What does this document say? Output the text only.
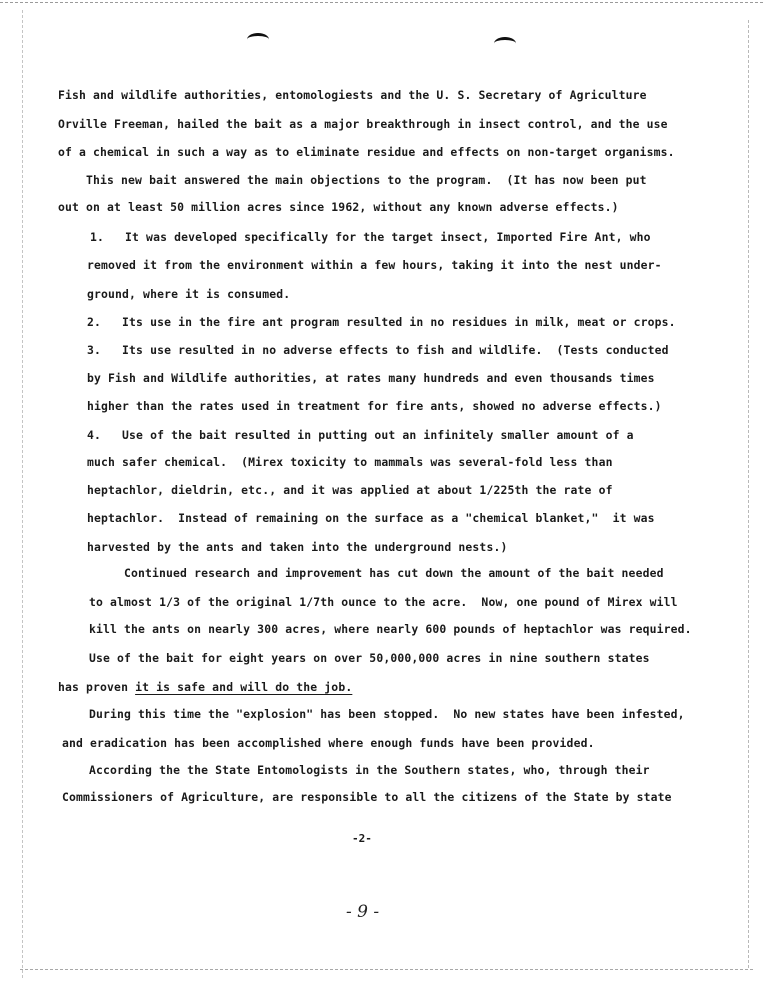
Fish and wildlife authorities, entomologiests and the U. S. Secretary of Agriculture
Orville Freeman, hailed the bait as a major breakthrough in insect control, and the use
of a chemical in such a way as to eliminate residue and effects on non-target organisms.
This new bait answered the main objections to the program.  (It has now been put
out on at least 50 million acres since 1962, without any known adverse effects.)
1.   It was developed specifically for the target insect, Imported Fire Ant, who
removed it from the environment within a few hours, taking it into the nest under-
ground, where it is consumed.
2.   Its use in the fire ant program resulted in no residues in milk, meat or crops.
3.   Its use resulted in no adverse effects to fish and wildlife.  (Tests conducted
by Fish and Wildlife authorities, at rates many hundreds and even thousands times
higher than the rates used in treatment for fire ants, showed no adverse effects.)
4.   Use of the bait resulted in putting out an infinitely smaller amount of a
much safer chemical.  (Mirex toxicity to mammals was several-fold less than
heptachlor, dieldrin, etc., and it was applied at about 1/225th the rate of
heptachlor.  Instead of remaining on the surface as a "chemical blanket,"  it was
harvested by the ants and taken into the underground nests.)
Continued research and improvement has cut down the amount of the bait needed
to almost 1/3 of the original 1/7th ounce to the acre.  Now, one pound of Mirex will
kill the ants on nearly 300 acres, where nearly 600 pounds of heptachlor was required.
Use of the bait for eight years on over 50,000,000 acres in nine southern states
has proven it is safe and will do the job.
During this time the "explosion" has been stopped.  No new states have been infested,
and eradication has been accomplished where enough funds have been provided.
According the the State Entomologists in the Southern states, who, through their
Commissioners of Agriculture, are responsible to all the citizens of the State by state
-2-
- 9 -
